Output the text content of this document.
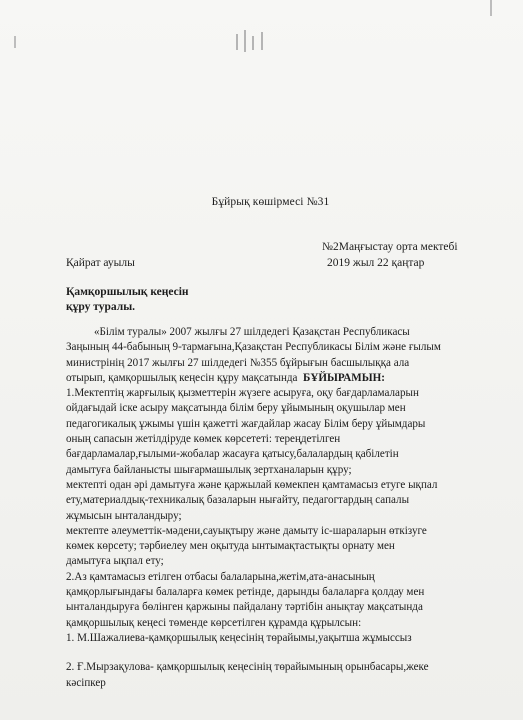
Бұйрық көшірмесі №31
Қайрат ауылы
№2Маңғыстау орта мектебі
2019 жыл 22 қаңтар
Қамқоршылық кеңесін
құру туралы.
«Білім туралы» 2007 жылғы 27 шілдедегі Қазақстан Республикасы
Заңының 44-бабының 9-тармағына,Қазақстан Республикасы Білім және ғылым
министрінің 2017 жылғы 27 шілдедегі №355 бұйрығын басшылыққа ала
отырып, қамқоршылық кеңесін құру мақсатында БҰЙЫРАМЫН:
1.Мектептің жарғылық қызметтерін жүзеге асыруға, оқу бағдарламаларын
ойдағыдай іске асыру мақсатында білім беру ұйымының оқушылар мен
педагогикалық ұжымы үшін қажетті жағдайлар жасау Білім беру ұйымдары
оның сапасын жетілдіруде көмек көрсететі: тереңдетілген
бағдарламалар,ғылыми-жобалар жасауға қатысу,балалардың қабілетін
дамытуға байланысты шығармашылық зертханаларын құру;
мектепті одан әрі дамытуға және қаржылай көмекпен қамтамасыз етуге ықпал
ету,материалдық-техникалық базаларын нығайту, педагогтардың сапалы
жұмысын ынталандыру;
мектепте әлеуметтік-мәдени,сауықтыру және дамыту іс-шараларын өткізуге
көмек көрсету; тәрбиелеу мен оқытуда ынтымақтастықты орнату мен
дамытуға ықпал ету;
2.Аз қамтамасыз етілген отбасы балаларына,жетім,ата-анасының
қамқорлығындағы балаларға көмек ретінде, дарынды балаларға қолдау мен
ынталандыруға бөлінген қаржыны пайдалану тәртібін анықтау мақсатында
қамқоршылық кеңесі төменде көрсетілген құрамда құрылсын:
1. М.Шажалиева-қамқоршылық кеңесінің төрайымы,уақытша жұмыссыз
2. Ғ.Мырзақулова- қамқоршылық кеңесінің төрайымының орынбасары,жеке
кәсіпкер
